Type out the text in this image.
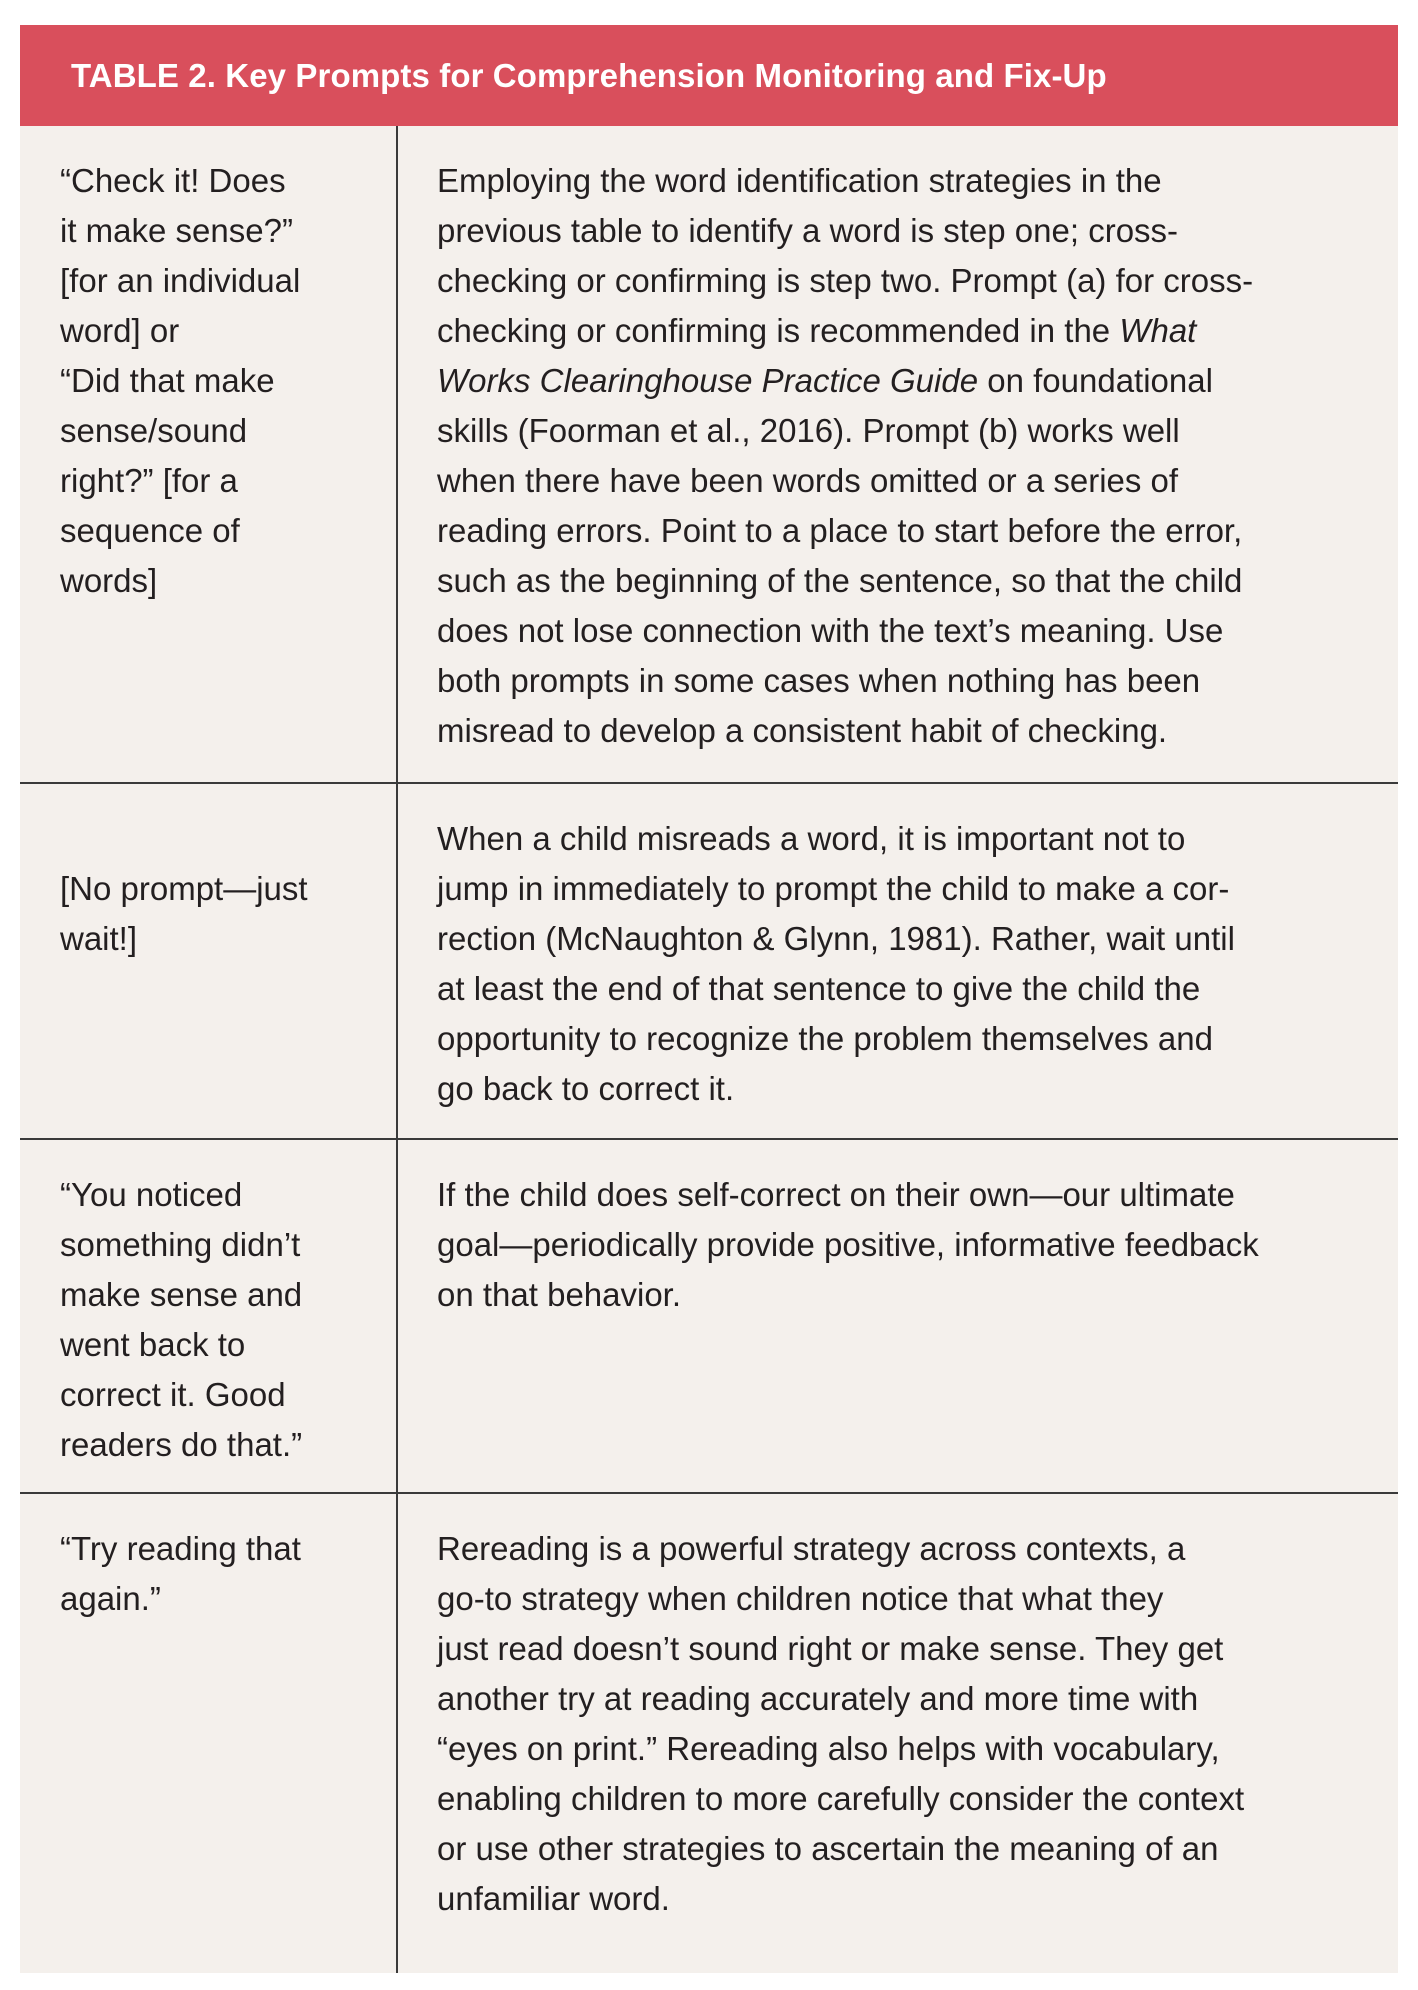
TABLE 2. Key Prompts for Comprehension Monitoring and Fix-Up
“Check it! Does
it make sense?”
[for an individual
word] or
“Did that make
sense/sound
right?” [for a
sequence of
words]
Employing the word identification strategies in the
previous table to identify a word is step one; cross-
checking or confirming is step two. Prompt (a) for cross-
checking or confirming is recommended in the What
Works Clearinghouse Practice Guide on foundational
skills (Foorman et al., 2016). Prompt (b) works well
when there have been words omitted or a series of
reading errors. Point to a place to start before the error,
such as the beginning of the sentence, so that the child
does not lose connection with the text’s meaning. Use
both prompts in some cases when nothing has been
misread to develop a consistent habit of checking.
[No prompt—just
wait!]
When a child misreads a word, it is important not to
jump in immediately to prompt the child to make a cor-
rection (McNaughton & Glynn, 1981). Rather, wait until
at least the end of that sentence to give the child the
opportunity to recognize the problem themselves and
go back to correct it.
“You noticed
something didn’t
make sense and
went back to
correct it. Good
readers do that.”
If the child does self-correct on their own—our ultimate
goal—periodically provide positive, informative feedback
on that behavior.
“Try reading that
again.”
Rereading is a powerful strategy across contexts, a
go-to strategy when children notice that what they
just read doesn’t sound right or make sense. They get
another try at reading accurately and more time with
“eyes on print.” Rereading also helps with vocabulary,
enabling children to more carefully consider the context
or use other strategies to ascertain the meaning of an
unfamiliar word.
